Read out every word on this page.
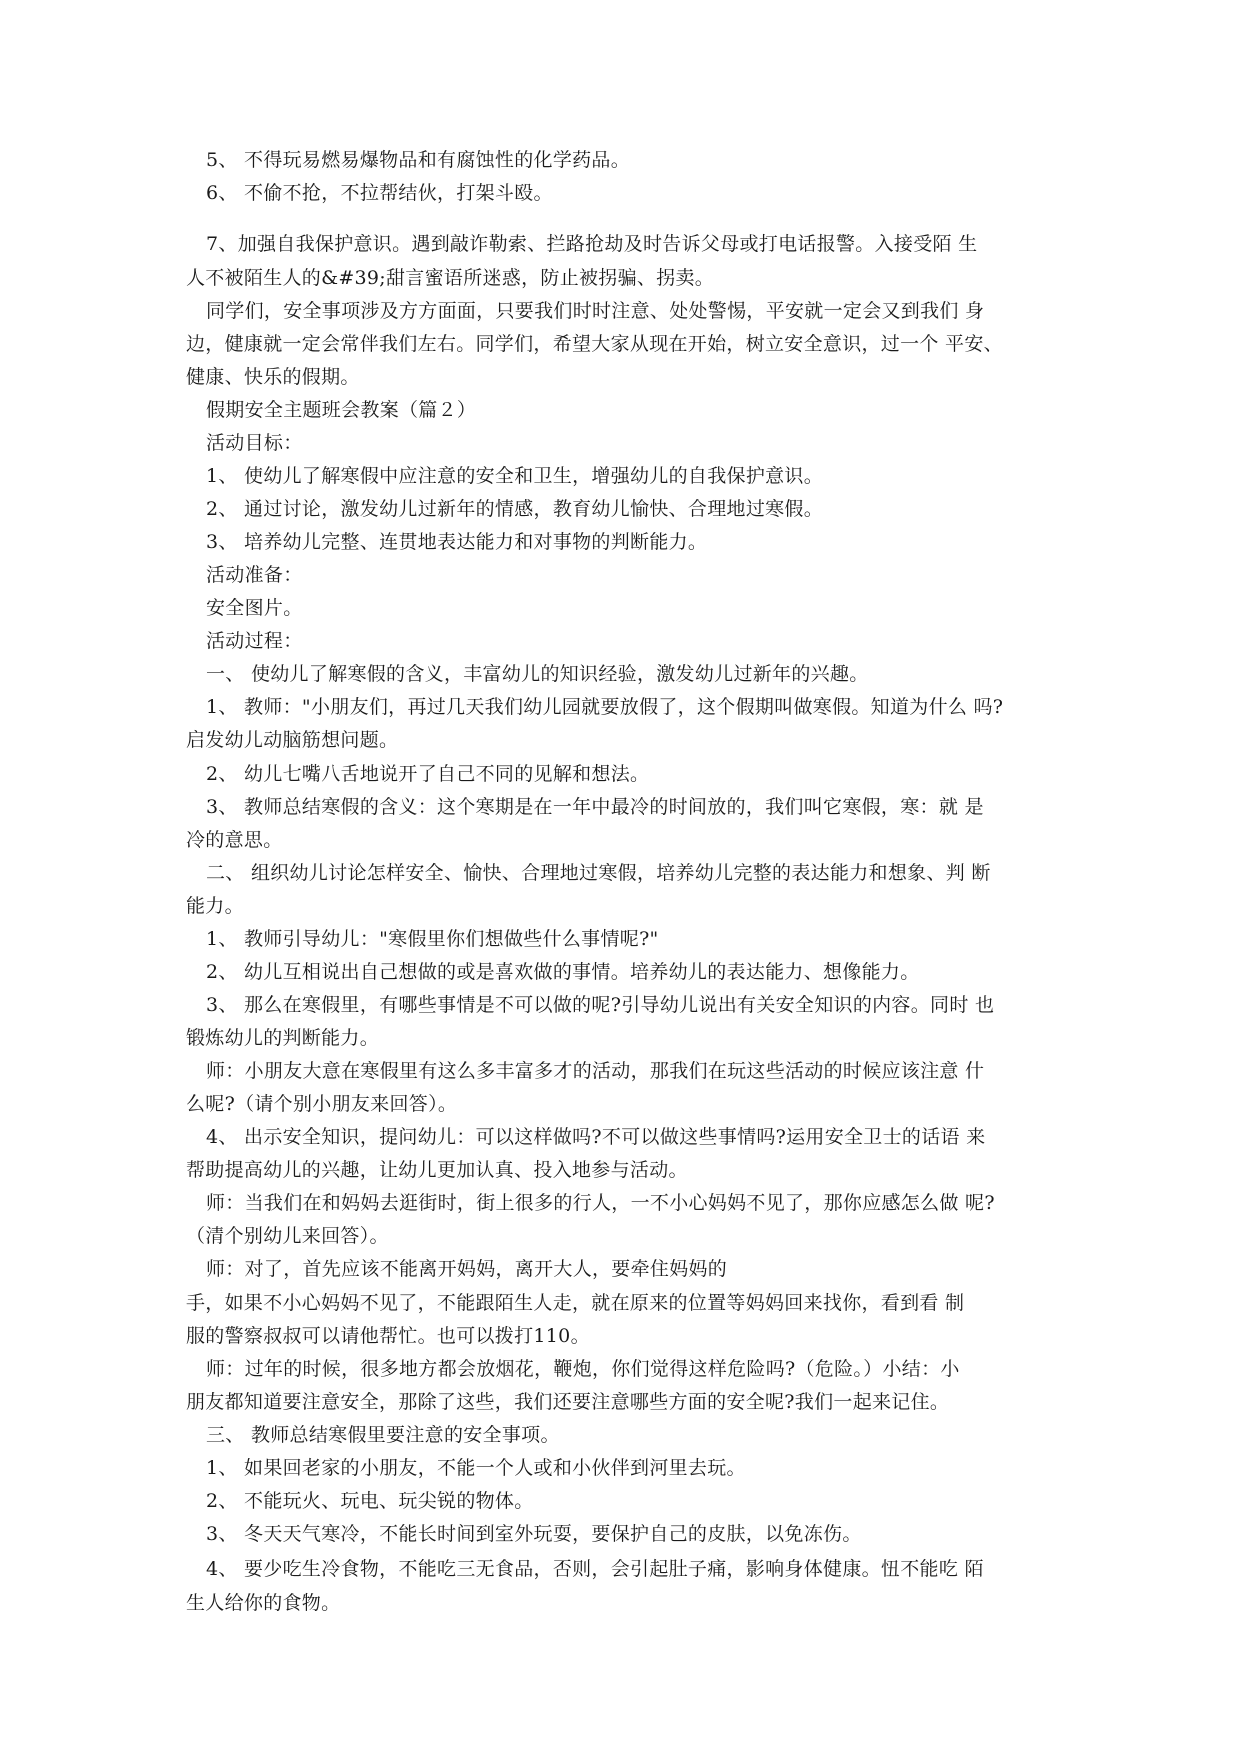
5、 不得玩易燃易爆物品和有腐蚀性的化学药品。
6、 不偷不抢，不拉帮结伙，打架斗殴。
7、加强自我保护意识。遇到敲诈勒索、拦路抢劫及时告诉父母或打电话报警。入接受陌 生
人不被陌生人的&#39;甜言蜜语所迷惑，防止被拐骗、拐卖。
同学们，安全事项涉及方方面面，只要我们时时注意、处处警惕，平安就一定会又到我们 身
边，健康就一定会常伴我们左右。同学们，希望大家从现在开始，树立安全意识，过一个 平安、
健康、快乐的假期。
假期安全主题班会教案（篇２）
活动目标：
1、 使幼儿了解寒假中应注意的安全和卫生，增强幼儿的自我保护意识。
2、 通过讨论，激发幼儿过新年的情感，教育幼儿愉快、合理地过寒假。
3、 培养幼儿完整、连贯地表达能力和对事物的判断能力。
活动准备：
安全图片。
活动过程：
一、 使幼儿了解寒假的含义，丰富幼儿的知识经验，激发幼儿过新年的兴趣。
1、 教师："小朋友们，再过几天我们幼儿园就要放假了，这个假期叫做寒假。知道为什么 吗?
启发幼儿动脑筋想问题。
2、 幼儿七嘴八舌地说开了自己不同的见解和想法。
3、 教师总结寒假的含义：这个寒期是在一年中最冷的时间放的，我们叫它寒假，寒：就 是
冷的意思。
二、 组织幼儿讨论怎样安全、愉快、合理地过寒假，培养幼儿完整的表达能力和想象、判 断
能力。
1、 教师引导幼儿："寒假里你们想做些什么事情呢?"
2、 幼儿互相说出自己想做的或是喜欢做的事情。培养幼儿的表达能力、想像能力。
3、 那么在寒假里，有哪些事情是不可以做的呢?引导幼儿说出有关安全知识的内容。同时 也
锻炼幼儿的判断能力。
师：小朋友大意在寒假里有这么多丰富多才的活动，那我们在玩这些活动的时候应该注意 什
么呢?（请个别小朋友来回答）。
4、 出示安全知识，提问幼儿：可以这样做吗?不可以做这些事情吗?运用安全卫士的话语 来
帮助提高幼儿的兴趣，让幼儿更加认真、投入地参与活动。
师：当我们在和妈妈去逛街时，街上很多的行人，一不小心妈妈不见了，那你应感怎么做 呢?
（清个别幼儿来回答）。
师：对了，首先应该不能离开妈妈，离开大人，要牵住妈妈的
手，如果不小心妈妈不见了，不能跟陌生人走，就在原来的位置等妈妈回来找你，看到看 制
服的警察叔叔可以请他帮忙。也可以拨打110。
师：过年的时候，很多地方都会放烟花，鞭炮，你们觉得这样危险吗?（危险。）小结：小
朋友都知道要注意安全，那除了这些，我们还要注意哪些方面的安全呢?我们一起来记住。
三、 教师总结寒假里要注意的安全事项。
1、 如果回老家的小朋友，不能一个人或和小伙伴到河里去玩。
2、 不能玩火、玩电、玩尖锐的物体。
3、 冬天天气寒冷，不能长时间到室外玩耍，要保护自己的皮肤，以免冻伤。
4、 要少吃生冷食物，不能吃三无食品，否则，会引起肚子痛，影响身体健康。忸不能吃 陌
生人给你的食物。
